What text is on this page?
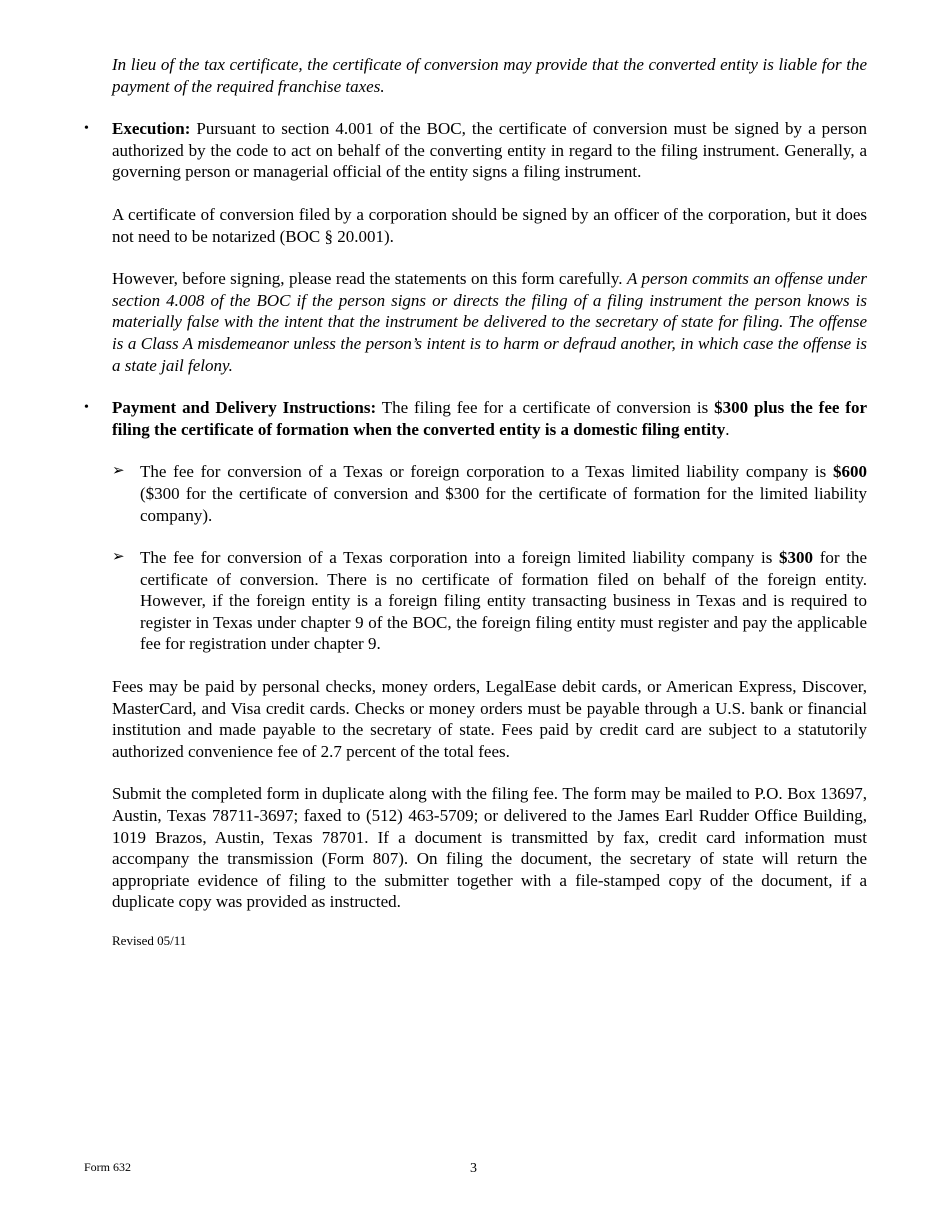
In lieu of the tax certificate, the certificate of conversion may provide that the converted entity is liable for the payment of the required franchise taxes.

• Execution: Pursuant to section 4.001 of the BOC, the certificate of conversion must be signed by a person authorized by the code to act on behalf of the converting entity in regard to the filing instrument. Generally, a governing person or managerial official of the entity signs a filing instrument.

A certificate of conversion filed by a corporation should be signed by an officer of the corporation, but it does not need to be notarized (BOC § 20.001).

However, before signing, please read the statements on this form carefully. A person commits an offense under section 4.008 of the BOC if the person signs or directs the filing of a filing instrument the person knows is materially false with the intent that the instrument be delivered to the secretary of state for filing. The offense is a Class A misdemeanor unless the person’s intent is to harm or defraud another, in which case the offense is a state jail felony.

• Payment and Delivery Instructions: The filing fee for a certificate of conversion is $300 plus the fee for filing the certificate of formation when the converted entity is a domestic filing entity.

➢ The fee for conversion of a Texas or foreign corporation to a Texas limited liability company is $600 ($300 for the certificate of conversion and $300 for the certificate of formation for the limited liability company).

➢ The fee for conversion of a Texas corporation into a foreign limited liability company is $300 for the certificate of conversion. There is no certificate of formation filed on behalf of the foreign entity. However, if the foreign entity is a foreign filing entity transacting business in Texas and is required to register in Texas under chapter 9 of the BOC, the foreign filing entity must register and pay the applicable fee for registration under chapter 9.

Fees may be paid by personal checks, money orders, LegalEase debit cards, or American Express, Discover, MasterCard, and Visa credit cards. Checks or money orders must be payable through a U.S. bank or financial institution and made payable to the secretary of state. Fees paid by credit card are subject to a statutorily authorized convenience fee of 2.7 percent of the total fees.

Submit the completed form in duplicate along with the filing fee. The form may be mailed to P.O. Box 13697, Austin, Texas 78711-3697; faxed to (512) 463-5709; or delivered to the James Earl Rudder Office Building, 1019 Brazos, Austin, Texas 78701. If a document is transmitted by fax, credit card information must accompany the transmission (Form 807). On filing the document, the secretary of state will return the appropriate evidence of filing to the submitter together with a file-stamped copy of the document, if a duplicate copy was provided as instructed.

Revised 05/11

Form 632	3
